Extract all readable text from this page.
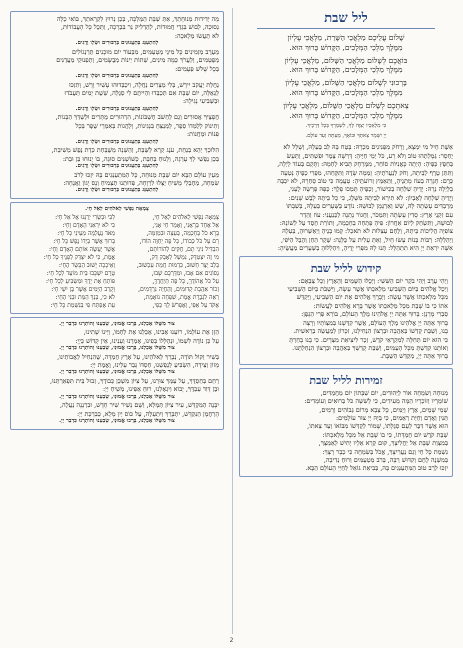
ליל שבת
שָׁלוֹם עֲלֵיכֶם מַלְאֲכֵי הַשָּׁרֵת, מַלְאֲכֵי עֶלְיוֹן
מִמֶּלֶךְ מַלְכֵי הַמְּלָכִים, הַקָּדוֹשׁ בָּרוּךְ הוּא.
בּוֹאֲכֶם לְשָׁלוֹם מַלְאֲכֵי הַשָּׁלוֹם, מַלְאֲכֵי עֶלְיוֹן
מִמֶּלֶךְ מַלְכֵי הַמְּלָכִים, הַקָּדוֹשׁ בָּרוּךְ הוּא.
בָּרְכוּנִי לְשָׁלוֹם מַלְאֲכֵי הַשָּׁלוֹם, מַלְאֲכֵי עֶלְיוֹן
מִמֶּלֶךְ מַלְכֵי הַמְּלָכִים, הַקָּדוֹשׁ בָּרוּךְ הוּא.
צֵאתְכֶם לְשָׁלוֹם מַלְאֲכֵי הַשָּׁלוֹם, מַלְאֲכֵי עֶלְיוֹן
מִמֶּלֶךְ מַלְכֵי הַמְּלָכִים, הַקָּדוֹשׁ בָּרוּךְ הוּא.
כִּי מַלְאָכָיו יְצַוֶּה לָּךְ, לִשְׁמָרְךָ בְּכָל דְּרָכֶיךָ.
יְיָ יִשְׁמָר צֵאתְךָ וּבוֹאֶךָ, מֵעַתָּה וְעַד עוֹלָם.
אֵשֶׁת חַיִל מִי יִמְצָא, וְרָחֹק מִפְּנִינִים מִכְרָהּ: בָּטַח בָּהּ לֵב בַּעְלָהּ, וְשָׁלָל לֹא
יֶחְסָר: גְּמָלַתְהוּ טוֹב וְלֹא רָע, כֹּל יְמֵי חַיֶּיהָ: דָּרְשָׁה צֶמֶר וּפִשְׁתִּים, וַתַּעַשׂ
בְּחֵפֶץ כַּפֶּיהָ: הָיְתָה כָּאֳנִיּוֹת סוֹחֵר, מִמֶּרְחָק תָּבִיא לַחְמָהּ: וַתָּקָם בְּעוֹד לַיְלָה,
וַתִּתֵּן טֶרֶף לְבֵיתָהּ, וְחֹק לְנַעֲרֹתֶיהָ: זָמְמָה שָׂדֶה וַתִּקָּחֵהוּ, מִפְּרִי כַפֶּיהָ נָטְעָה
כָּרֶם: חָגְרָה בְעוֹז מָתְנֶיהָ, וַתְּאַמֵּץ זְרוֹעֹתֶיהָ: טָעֲמָה כִּי טוֹב סַחְרָהּ, לֹא יִכְבֶּה
בַלַּיְלָה נֵרָהּ: יָדֶיהָ שִׁלְּחָה בַכִּישׁוֹר, וְכַפֶּיהָ תָּמְכוּ פָלֶךְ: כַּפָּהּ פָּרְשָׂה לֶעָנִי,
וְיָדֶיהָ שִׁלְּחָה לָאֶבְיוֹן: לֹא תִירָא לְבֵיתָהּ מִשָּׁלֶג, כִּי כָל בֵּיתָהּ לָבֻשׁ שָׁנִים:
מַרְבַדִּים עָשְׂתָה לָּהּ, שֵׁשׁ וְאַרְגָּמָן לְבוּשָׁהּ: נוֹדָע בַּשְּׁעָרִים בַּעְלָהּ, בְּשִׁבְתּוֹ
עִם זִקְנֵי אָרֶץ: סָדִין עָשְׂתָה וַתִּמְכֹּר, וַחֲגוֹר נָתְנָה לַכְּנַעֲנִי: עוֹז וְהָדָר
לְבוּשָׁהּ, וַתִּשְׂחַק לְיוֹם אַחֲרוֹן: פִּיהָ פָּתְחָה בְחָכְמָה, וְתוֹרַת חֶסֶד עַל לְשׁוֹנָהּ:
צוֹפִיָּה הֲלִיכוֹת בֵּיתָהּ, וְלֶחֶם עַצְלוּת לֹא תֹאכֵל: קָמוּ בָנֶיהָ וַיְאַשְּׁרוּהָ, בַּעְלָהּ
וַיְהַלְלָהּ: רַבּוֹת בָּנוֹת עָשׂוּ חָיִל, וְאַתְּ עָלִית עַל כֻּלָּנָה: שֶׁקֶר הַחֵן וְהֶבֶל הַיֹּפִי,
אִשָּׁה יִרְאַת יְיָ הִיא תִתְהַלָּל: תְּנוּ לָהּ מִפְּרִי יָדֶיהָ, וִיהַלְלוּהָ בַשְּׁעָרִים מַעֲשֶׂיהָ:
קידוש לליל שבת
וַיְהִי עֶרֶב וַיְהִי בֹקֶר יוֹם הַשִּׁשִּׁי: וַיְכֻלּוּ הַשָּׁמַיִם וְהָאָרֶץ וְכָל צְבָאָם:
וַיְכַל אֱלֹהִים בַּיּוֹם הַשְּׁבִיעִי מְלַאכְתּוֹ אֲשֶׁר עָשָׂה, וַיִּשְׁבֹּת בַּיּוֹם הַשְּׁבִיעִי
מִכָּל מְלַאכְתּוֹ אֲשֶׁר עָשָׂה: וַיְבָרֶךְ אֱלֹהִים אֶת יוֹם הַשְּׁבִיעִי, וַיְקַדֵּשׁ
אֹתוֹ כִּי בוֹ שָׁבַת מִכָּל מְלַאכְתּוֹ אֲשֶׁר בָּרָא אֱלֹהִים לַעֲשׂוֹת:
סַבְרִי מָרָנָן: בָּרוּךְ אַתָּה יְיָ אֱלֹהֵינוּ מֶלֶךְ הָעוֹלָם, בּוֹרֵא פְּרִי הַגָּפֶן:
בָּרוּךְ אַתָּה יְיָ אֱלֹהֵינוּ מֶלֶךְ הָעוֹלָם, אֲשֶׁר קִדְּשָׁנוּ בְּמִצְוֹתָיו וְרָצָה
בָנוּ, וְשַׁבַּת קָדְשׁוֹ בְּאַהֲבָה וּבְרָצוֹן הִנְחִילָנוּ, זִכָּרוֹן לְמַעֲשֵׂה בְרֵאשִׁית.
כִּי הוּא יוֹם תְּחִלָּה לְמִקְרָאֵי קֹדֶשׁ, זֵכֶר לִיצִיאַת מִצְרָיִם. כִּי בָנוּ בָחַרְתָּ
וְאוֹתָנוּ קִדַּשְׁתָּ מִכָּל הָעַמִּים, וְשַׁבַּת קָדְשְׁךָ בְּאַהֲבָה וּבְרָצוֹן הִנְחַלְתָּנוּ.
בָּרוּךְ אַתָּה יְיָ, מְקַדֵּשׁ הַשַּׁבָּת.
זמירות לליל שבת
מְנוּחָה וְשִׂמְחָה אוֹר לַיְּהוּדִים, יוֹם שַׁבָּתוֹן יוֹם מַחֲמַדִּים,
שׁוֹמְרָיו וְזוֹכְרָיו הֵמָּה מְעִידִים, כִּי לְשִׁשָּׁה כֹּל בְּרוּאִים וְעוֹמְדִים:
שְׁמֵי שָׁמַיִם, אֶרֶץ וְיַמִּים, כָּל צְבָא מָרוֹם גְּבוֹהִים וְרָמִים,
תַּנִּין וְאָדָם וְחַיַּת רְאֵמִים, כִּי בְּיָהּ יְיָ צוּר עוֹלָמִים:
הוּא אֲשֶׁר דִּבֶּר לְעַם סְגֻלָּתוֹ, שָׁמוֹר לְקַדְּשׁוֹ מִבּוֹאוֹ וְעַד צֵאתוֹ,
שַׁבַּת קֹדֶשׁ יוֹם חֶמְדָּתוֹ, כִּי בוֹ שָׁבַת אֵל מִכָּל מְלַאכְתּוֹ:
בְּמִצְוַת שַׁבָּת אֵל יַחֲלִיצָךְ, קוּם קְרָא אֵלָיו יָחִישׁ לְאַמְּצָךְ,
נִשְׁמַת כָּל חַי וְגַם נַעֲרִיצָךְ, אֱכֹל בְּשִׂמְחָה כִּי כְבָר רָצָךְ:
בְּמִשְׁנֶה לֶחֶם וְקִדּוּשׁ רַבָּה, בְּרֹב מַטְעַמִּים וְרוּחַ נְדִיבָה,
יִזְכּוּ לְרַב טוּב הַמִּתְעַנְּגִים בָּהּ, בְּבִיאַת גּוֹאֵל לְחַיֵּי הָעוֹלָם הַבָּא.
מַה יְּדִידוּת מְנוּחָתֵךְ, אַתְּ שַׁבָּת הַמַּלְכָּה, בְּכֵן נָרוּץ לִקְרָאתֵךְ, בּוֹאִי כַלָּה
נְסוּכָה, לְבוּשׁ בִּגְדֵי חֲמוּדוֹת, לְהַדְלִיק נֵר בִּבְרָכָה, וַתֵּכֶל כָּל הָעֲבוֹדוֹת,
לֹא תַעֲשׂוּ מְלָאכָה:
לְהִתְעַנֵּג בְּתַעֲנוּגִים בַּרְבּוּרִים וּשְׂלָו וְדָגִים.
מֵעֶרֶב מַזְמִינִים כָּל מִינֵי מַטְעַמִּים, מִבְּעוֹד יוֹם מוּכָנִים תַּרְנְגוֹלִים
מְפֻטָּמִים, וְלַעֲרֹךְ כַּמָּה מִינִים, שְׁתוֹת יֵינוֹת מְבֻשָּׂמִים, וְתַפְנוּקֵי מַעֲדַנִּים
בְּכָל שָׁלֹשׁ פְּעָמִים:
לְהִתְעַנֵּג בְּתַעֲנוּגִים בַּרְבּוּרִים וּשְׂלָו וְדָגִים.
נַחֲלַת יַעֲקֹב יִירָשׁ, בְּלִי מְצָרִים נַחֲלָה, וִיכַבְּדוּהוּ עָשִׁיר וָרָשׁ, וְתִזְכּוּ
לַגְּאֻלָּה, יוֹם שַׁבָּת אִם תְּכַבֵּדוּ וִהְיִיתֶם לִי סְגֻלָּה, שֵׁשֶׁת יָמִים תַּעֲבֹדוּ
וּבַשְּׁבִיעִי נָגִילָה:
לְהִתְעַנֵּג בְּתַעֲנוּגִים בַּרְבּוּרִים וּשְׂלָו וְדָגִים.
חֲפָצֶיךָ אֲסוּרִים וְגַם לַחְשֹׁב חֶשְׁבּוֹנוֹת, הִרְהוּרִים מֻתָּרִים וּלְשַׁדֵּךְ הַבָּנוֹת,
וְתִינוֹק לְלַמְּדוֹ סֵפֶר, לַמְנַצֵּחַ בִּנְגִינוֹת, וְלַהֲגוֹת בְּאִמְרֵי שֶׁפֶר בְּכָל
פִּנּוֹת וּמַחֲנוֹת:
לְהִתְעַנֵּג בְּתַעֲנוּגִים בַּרְבּוּרִים וּשְׂלָו וְדָגִים.
הִלּוּכָךְ יְהֵא בְנַחַת, עֹנֶג קְרָא לַשַּׁבָּת, וְהַשֵּׁנָה מְשֻׁבַּחַת כְּדָת נֶפֶשׁ מְשִׁיבַת,
בְּכֵן נַפְשִׁי לְךָ עָרְגָה, וְלָנוּחַ בְּחִבַּת, כַּשּׁוֹשַׁנִּים סוּגָה, בּוֹ יָנוּחוּ בֵּן וּבַת:
לְהִתְעַנֵּג בְּתַעֲנוּגִים בַּרְבּוּרִים וּשְׂלָו וְדָגִים.
מֵעֵין עוֹלָם הַבָּא יוֹם שַׁבָּת מְנוּחָה, כָּל הַמִּתְעַנְּגִים בָּהּ יִזְכּוּ לְרֹב
שִׂמְחָה, מֵחֶבְלֵי מָשִׁיחַ יֻצָּלוּ לִרְוָחָה, פְּדוּתֵנוּ תַצְמִיחַ וְנָס יָגוֹן וַאֲנָחָה:
לְהִתְעַנֵּג בְּתַעֲנוּגִים בַּרְבּוּרִים וּשְׂלָו וְדָגִים.
צָמְאָה נַפְשִׁי לֵאלֹהִים לְאֵל חָי.
צָמְאָה נַפְשִׁי לֵאלֹהִים לְאֵל חָי,
אֵל אֶחָד בְּרָאָנִי, וְאָמַר חַי אָנִי,
בָּרָא כֹל בְּחָכְמָה, בְּעֵצָה וּבִמְזִמָּה,
רָם עַל כֹּל כְּבוֹדוֹ, כָּל פֶּה יְחַוֶּה הוֹדוֹ,
הִבְדִּיל נִינֵי תָם, חֻקִּים לְהוֹרוֹתָם,
מִי זֶה יִצְטַדָּק, נִמְשַׁל לְאָבָק דָּק,
בְּלֵב יֵצֶר חָשׁוּב, כִּדְמוּת חֲמַת עַכְשׁוּב,
נְסוֹגִים אִם אָבוּ, וּמִדַּרְכָּם שָׁבוּ,
עַל כֹּל אֲהוֹדֶךָּ, כָּל פֶּה תְּיַחֲדֶךָּ,
זְכוֹר אַהֲבַת קְדוּמִים, וְהַחֲיֵה נִרְדָּמִים,
רְאֵה לִגְבֶרֶת אֱמֶת, שִׁפְחָה נוֹאֶמֶת,
אֶקֹּד עַל אַפַּי, וְאֶפְרֹשׂ לְךָ כַּפַּי,
לִבִּי וּבְשָׂרִי יְרַנְּנוּ אֶל אֵל חָי:
כִּי לֹא יִרְאַנִי הָאָדָם וָחָי:
מְאֹד נֶעֶלְמָה מֵעֵינֵי כָּל חָי:
בָּרוּךְ אֲשֶׁר בְּיָדוֹ נֶפֶשׁ כָּל חָי:
אֲשֶׁר יַעֲשֶׂה אוֹתָם הָאָדָם וָחָי:
אֱמֶת, כִּי לֹא יִצְדַּק לְפָנֶיךָ כָּל חָי:
וְאֵיכָכָה יָשׁוּב הַבָּשָׂר הֶחָי:
טֶרֶם יִשְׁכָּבוּ בֵּית מוֹעֵד לְכָל חָי:
פּוֹתֵחַ אֶת יָדֶךָ וּמַשְׂבִּיעַ לְכָל חָי:
וְקָרֵב הַיָּמִים אֲשֶׁר בֶּן יִשַׁי חָי:
לֹא כִּי, בְּנֵךְ הַמֵּת וּבְנִי הֶחָי:
עֵת אֶפְתַּח פִּי בְּנִשְׁמַת כָּל חָי:
צוּר מִשֶּׁלּוֹ אָכַלְנוּ, בָּרְכוּ אֱמוּנַי, שָׂבַעְנוּ וְהוֹתַרְנוּ כִּדְבַר יְיָ.
הַזָּן אֶת עוֹלָמוֹ, רוֹעֵנוּ אָבִינוּ, אָכַלְנוּ אֶת לַחְמוֹ, וְיֵינוֹ שָׁתִינוּ,
עַל כֵּן נוֹדֶה לִשְׁמוֹ, וּנְהַלְּלוֹ בְּפִינוּ, אָמַרְנוּ וְעָנִינוּ, אֵין קָדוֹשׁ כַּיְיָ:
צוּר מִשֶּׁלּוֹ אָכַלְנוּ, בָּרְכוּ אֱמוּנַי, שָׂבַעְנוּ וְהוֹתַרְנוּ כִּדְבַר יְיָ.
בְּשִׁיר וְקוֹל תּוֹדָה, נְבָרֵךְ לֵאלֹהֵינוּ, עַל אֶרֶץ חֶמְדָּה, שֶׁהִנְחִיל לַאֲבוֹתֵינוּ,
מָזוֹן וְצֵידָה, הִשְׂבִּיעַ לְנַפְשֵׁנוּ, חַסְדּוֹ גָּבַר עָלֵינוּ, וֶאֱמֶת יְיָ:
צוּר מִשֶּׁלּוֹ אָכַלְנוּ, בָּרְכוּ אֱמוּנַי, שָׂבַעְנוּ וְהוֹתַרְנוּ כִּדְבַר יְיָ.
רַחֵם בְּחַסְדֶּךָ, עַל עַמְּךָ צוּרֵנוּ, עַל צִיּוֹן מִשְׁכַּן כְּבוֹדֶךָ, זְבוּל בֵּית תִּפְאַרְתֵּנוּ,
וּבֶן דָּוִד עַבְדֶּךָ, יָבוֹא וְיִגְאָלֵנוּ, רוּחַ אַפֵּינוּ, מְשִׁיחַ יְיָ:
צוּר מִשֶּׁלּוֹ אָכַלְנוּ, בָּרְכוּ אֱמוּנַי, שָׂבַעְנוּ וְהוֹתַרְנוּ כִּדְבַר יְיָ.
יִבָּנֶה הַמִּקְדָּשׁ, עִיר צִיּוֹן תְּמַלֵּא, וְשָׁם נָשִׁיר שִׁיר חָדָשׁ, וּבִרְנָנָה נַעֲלֶה,
הָרַחֲמָן הַנִּקְדָּשׁ, יִתְבָּרַךְ וְיִתְעַלֶּה, עַל כּוֹס יַיִן מָלֵא, כְּבִרְכַּת יְיָ:
צוּר מִשֶּׁלּוֹ אָכַלְנוּ, בָּרְכוּ אֱמוּנַי, שָׂבַעְנוּ וְהוֹתַרְנוּ כִּדְבַר יְיָ.
2
